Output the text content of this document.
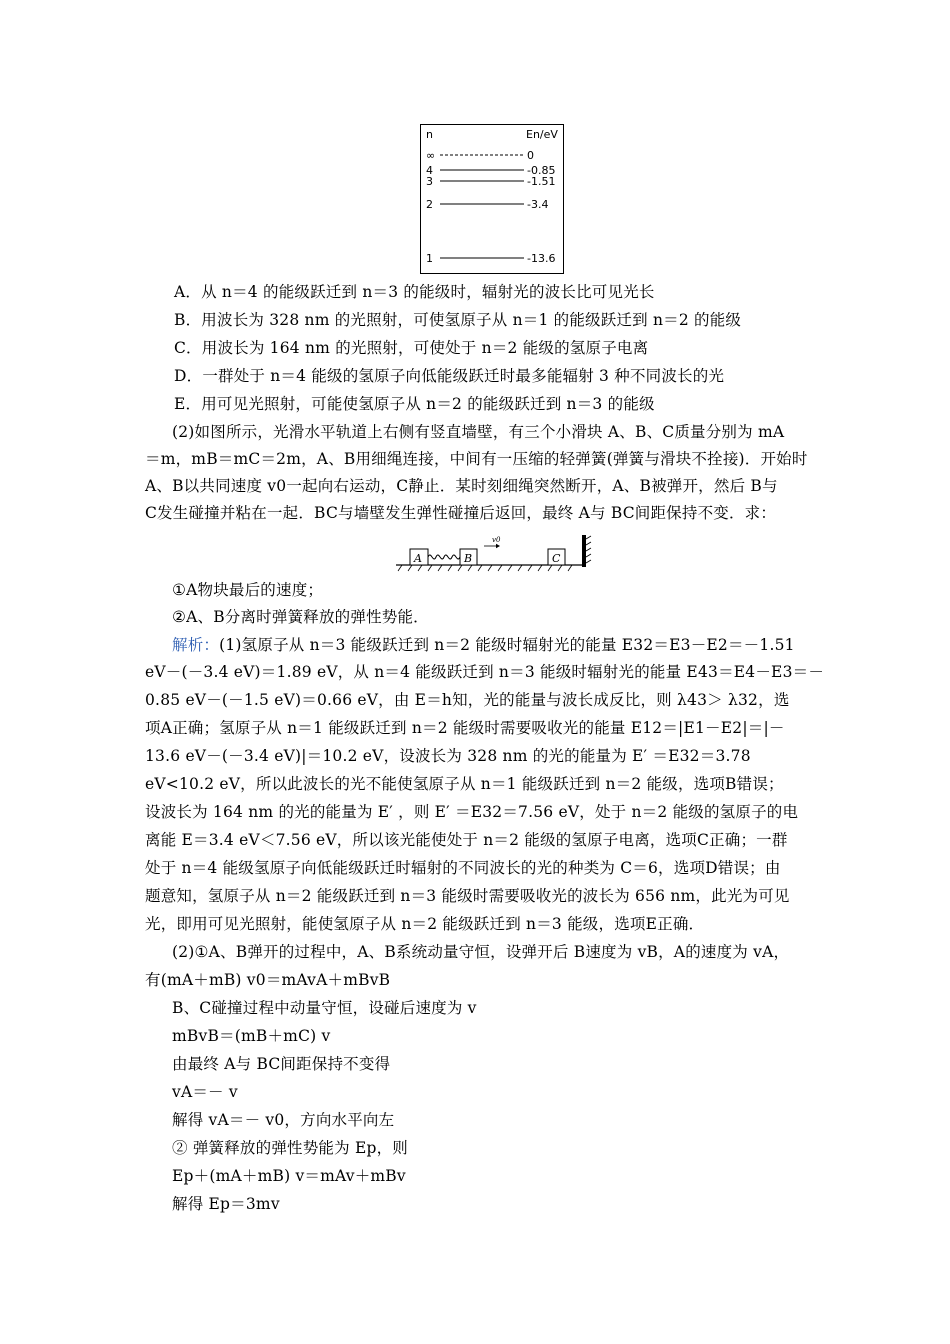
n	En/eV
∞	0
4	-0.85
3	-1.51
2	-3.4
1	-13.6
A．从 n＝4 的能级跃迁到 n＝3 的能级时，辐射光的波长比可见光长
B．用波长为 328 nm 的光照射，可使氢原子从 n＝1 的能级跃迁到 n＝2 的能级
C．用波长为 164 nm 的光照射，可使处于 n＝2 能级的氢原子电离
D．一群处于 n＝4 能级的氢原子向低能级跃迁时最多能辐射 3 种不同波长的光
E．用可见光照射，可能使氢原子从 n＝2 的能级跃迁到 n＝3 的能级
(2)如图所示，光滑水平轨道上右侧有竖直墙壁，有三个小滑块 A、B、C质量分别为 mA
＝m，mB＝mC＝2m，A、B用细绳连接，中间有一压缩的轻弹簧(弹簧与滑块不拴接)．开始时
A、B以共同速度 v0一起向右运动，C静止．某时刻细绳突然断开，A、B被弹开，然后 B与
C发生碰撞并粘在一起．BC与墙壁发生弹性碰撞后返回，最终 A与 BC间距保持不变．求：
A	B
v0
C
①A物块最后的速度；
②A、B分离时弹簧释放的弹性势能．
解析：(1)氢原子从 n＝3 能级跃迁到 n＝2 能级时辐射光的能量 E32＝E3－E2＝－1.51
eV－(－3.4 eV)＝1.89 eV，从 n＝4 能级跃迁到 n＝3 能级时辐射光的能量 E43＝E4－E3＝－
0.85 eV－(－1.5 eV)＝0.66 eV，由 E＝h知，光的能量与波长成反比，则 λ43＞ λ32，选
项A正确；氢原子从 n＝1 能级跃迁到 n＝2 能级时需要吸收光的能量 E12＝|E1－E2|＝|－
13.6 eV－(－3.4 eV)|＝10.2 eV，设波长为 328 nm 的光的能量为 E′ ＝E32＝3.78
eV<10.2 eV，所以此波长的光不能使氢原子从 n＝1 能级跃迁到 n＝2 能级，选项B错误；
设波长为 164 nm 的光的能量为 E′ ，则 E′ ＝E32＝7.56 eV，处于 n＝2 能级的氢原子的电
离能 E＝3.4 eV＜7.56 eV，所以该光能使处于 n＝2 能级的氢原子电离，选项C正确；一群
处于 n＝4 能级氢原子向低能级跃迁时辐射的不同波长的光的种类为 C＝6，选项D错误；由
题意知，氢原子从 n＝2 能级跃迁到 n＝3 能级时需要吸收光的波长为 656 nm，此光为可见
光，即用可见光照射，能使氢原子从 n＝2 能级跃迁到 n＝3 能级，选项E正确．
(2)①A、B弹开的过程中，A、B系统动量守恒，设弹开后 B速度为 vB，A的速度为 vA，
有(mA＋mB) v0＝mAvA＋mBvB
B、C碰撞过程中动量守恒，设碰后速度为 v
mBvB＝(mB＋mC) v
由最终 A与 BC间距保持不变得
vA＝－ v
解得 vA＝－ v0，方向水平向左
② 弹簧释放的弹性势能为 Ep，则
Ep＋(mA＋mB) v＝mAv＋mBv
解得 Ep＝3mv
